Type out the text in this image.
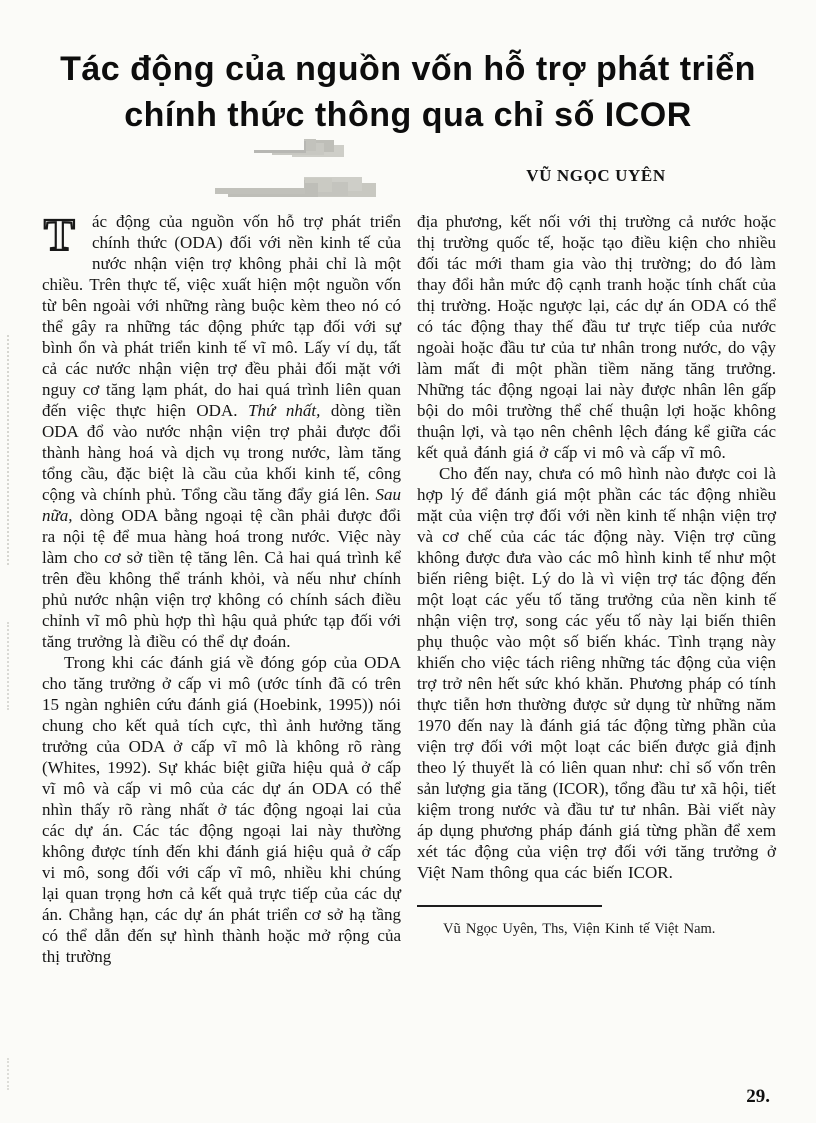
Tác động của nguồn vốn hỗ trợ phát triển
chính thức thông qua chỉ số ICOR
VŨ NGỌC UYÊN

T ác động của nguồn vốn hỗ trợ phát triển chính thức (ODA) đối với nền kinh tế của nước nhận viện trợ không phải chỉ là một chiều. Trên thực tế, việc xuất hiện một nguồn vốn từ bên ngoài với những ràng buộc kèm theo nó có thể gây ra những tác động phức tạp đối với sự bình ổn và phát triển kinh tế vĩ mô. Lấy ví dụ, tất cả các nước nhận viện trợ đều phải đối mặt với nguy cơ tăng lạm phát, do hai quá trình liên quan đến việc thực hiện ODA. Thứ nhất, dòng tiền ODA đổ vào nước nhận viện trợ phải được đổi thành hàng hoá và dịch vụ trong nước, làm tăng tổng cầu, đặc biệt là cầu của khối kinh tế, công cộng và chính phủ. Tổng cầu tăng đẩy giá lên. Sau nữa, dòng ODA bằng ngoại tệ cần phải được đổi ra nội tệ để mua hàng hoá trong nước. Việc này làm cho cơ sở tiền tệ tăng lên. Cả hai quá trình kể trên đều không thể tránh khỏi, và nếu như chính phủ nước nhận viện trợ không có chính sách điều chỉnh vĩ mô phù hợp thì hậu quả phức tạp đối với tăng trưởng là điều có thể dự đoán.

Trong khi các đánh giá về đóng góp của ODA cho tăng trưởng ở cấp vi mô (ước tính đã có trên 15 ngàn nghiên cứu đánh giá (Hoebink, 1995)) nói chung cho kết quả tích cực, thì ảnh hưởng tăng trưởng của ODA ở cấp vĩ mô là không rõ ràng (Whites, 1992). Sự khác biệt giữa hiệu quả ở cấp vĩ mô và cấp vi mô của các dự án ODA có thể nhìn thấy rõ ràng nhất ở tác động ngoại lai của các dự án. Các tác động ngoại lai này thường không được tính đến khi đánh giá hiệu quả ở cấp vi mô, song đối với cấp vĩ mô, nhiều khi chúng lại quan trọng hơn cả kết quả trực tiếp của các dự án. Chẳng hạn, các dự án phát triển cơ sở hạ tầng có thể dẫn đến sự hình thành hoặc mở rộng của thị trường

địa phương, kết nối với thị trường cả nước hoặc thị trường quốc tế, hoặc tạo điều kiện cho nhiều đối tác mới tham gia vào thị trường; do đó làm thay đổi hẳn mức độ cạnh tranh hoặc tính chất của thị trường. Hoặc ngược lại, các dự án ODA có thể có tác động thay thế đầu tư trực tiếp của nước ngoài hoặc đầu tư của tư nhân trong nước, do vậy làm mất đi một phần tiềm năng tăng trưởng. Những tác động ngoại lai này được nhân lên gấp bội do môi trường thể chế thuận lợi hoặc không thuận lợi, và tạo nên chênh lệch đáng kể giữa các kết quả đánh giá ở cấp vi mô và cấp vĩ mô.

Cho đến nay, chưa có mô hình nào được coi là hợp lý để đánh giá một phần các tác động nhiều mặt của viện trợ đối với nền kinh tế nhận viện trợ và cơ chế của các tác động này. Viện trợ cũng không được đưa vào các mô hình kinh tế như một biến riêng biệt. Lý do là vì viện trợ tác động đến một loạt các yếu tố tăng trưởng của nền kinh tế nhận viện trợ, song các yếu tố này lại biến thiên phụ thuộc vào một số biến khác. Tình trạng này khiến cho việc tách riêng những tác động của viện trợ trở nên hết sức khó khăn. Phương pháp có tính thực tiễn hơn thường được sử dụng từ những năm 1970 đến nay là đánh giá tác động từng phần của viện trợ đối với một loạt các biến được giả định theo lý thuyết là có liên quan như: chỉ số vốn trên sản lượng gia tăng (ICOR), tổng đầu tư xã hội, tiết kiệm trong nước và đầu tư tư nhân. Bài viết này áp dụng phương pháp đánh giá từng phần để xem xét tác động của viện trợ đối với tăng trưởng ở Việt Nam thông qua các biến ICOR.

Vũ Ngọc Uyên, Ths, Viện Kinh tế Việt Nam.
29.
